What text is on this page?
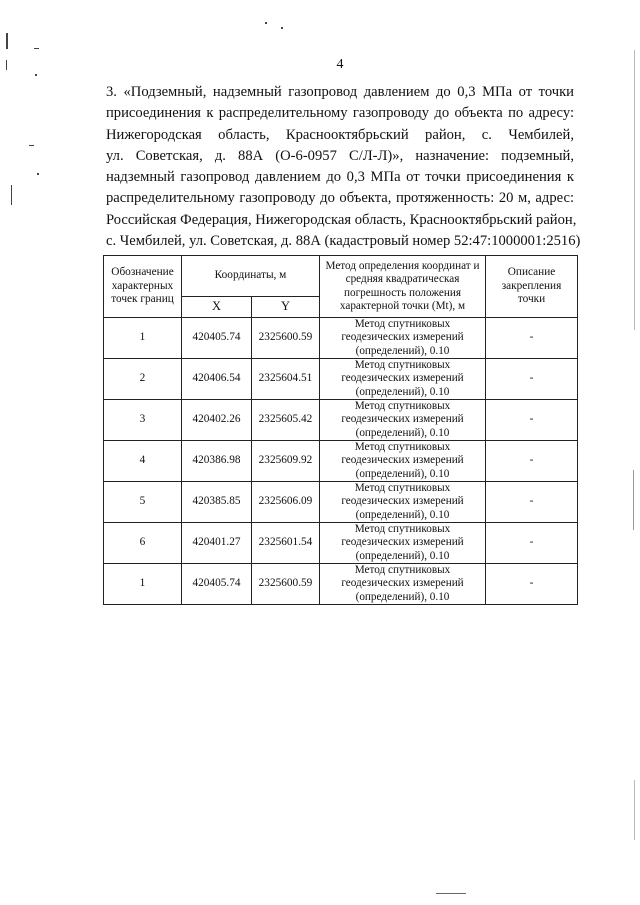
4

3. «Подземный, надземный газопровод давлением до 0,3 МПа от точки
присоединения к распределительному газопроводу до объекта по адресу:
Нижегородская область, Краснооктябрьский район, с. Чембилей,
ул. Советская, д. 88А (О-6-0957 С/Л-Л)», назначение: подземный,
надземный газопровод давлением до 0,3 МПа от точки присоединения к
распределительному газопроводу до объекта, протяженность: 20 м, адрес:
Российская Федерация, Нижегородская область, Краснооктябрьский район,
с. Чембилей, ул. Советская, д. 88А (кадастровый номер 52:47:1000001:2516)

Обозначение характерных точек границ	Координаты, м		Метод определения координат и средняя квадратическая погрешность положения характерной точки (Mt), м	Описание закрепления точки
	X	Y		
1	420405.74	2325600.59	Метод спутниковых геодезических измерений (определений), 0.10	-
2	420406.54	2325604.51	Метод спутниковых геодезических измерений (определений), 0.10	-
3	420402.26	2325605.42	Метод спутниковых геодезических измерений (определений), 0.10	-
4	420386.98	2325609.92	Метод спутниковых геодезических измерений (определений), 0.10	-
5	420385.85	2325606.09	Метод спутниковых геодезических измерений (определений), 0.10	-
6	420401.27	2325601.54	Метод спутниковых геодезических измерений (определений), 0.10	-
1	420405.74	2325600.59	Метод спутниковых геодезических измерений (определений), 0.10	-
